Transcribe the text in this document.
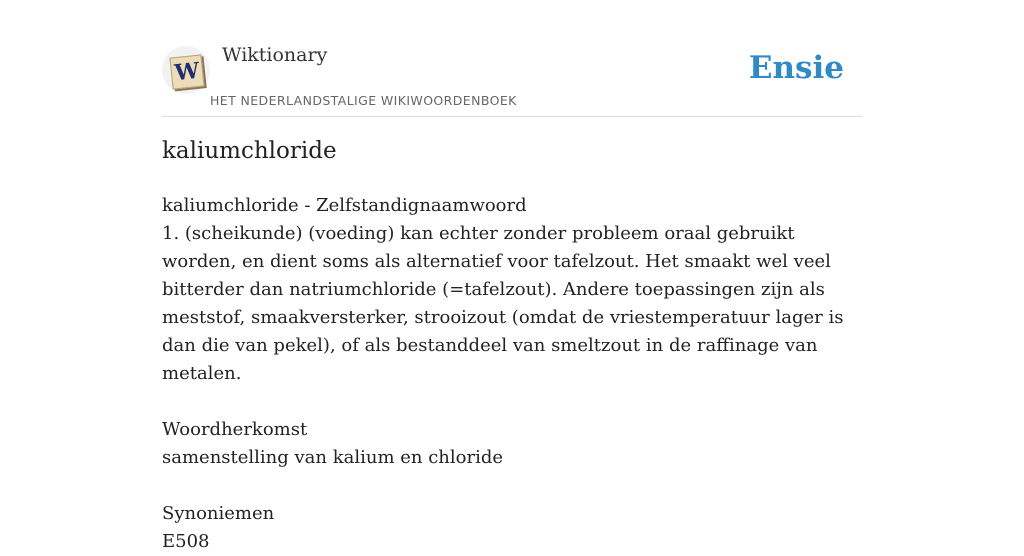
W
Wiktionary
HET NEDERLANDSTALIGE WIKIWOORDENBOEK
Ensie
kaliumchloride

kaliumchloride - Zelfstandignaamwoord

1. (scheikunde) (voeding) kan echter zonder probleem oraal gebruikt worden, en dient soms als alternatief voor tafelzout. Het smaakt wel veel bitterder dan natriumchloride (=tafelzout). Andere toepassingen zijn als meststof, smaakversterker, strooizout (omdat de vriestemperatuur lager is dan die van pekel), of als bestanddeel van smeltzout in de raffinage van metalen.

Woordherkomst

samenstelling van kalium en chloride

Synoniemen

E508
